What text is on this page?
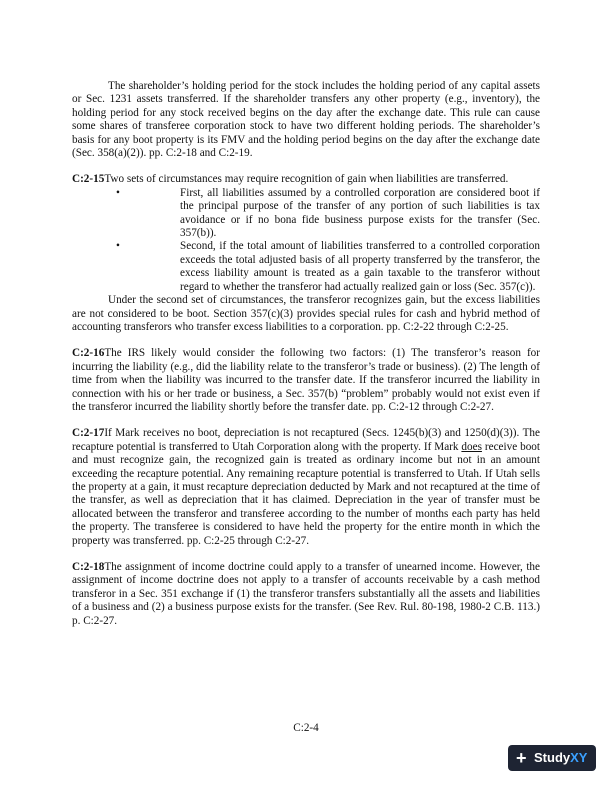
The shareholder’s holding period for the stock includes the holding period of any capital assets or Sec. 1231 assets transferred. If the shareholder transfers any other property (e.g., inventory), the holding period for any stock received begins on the day after the exchange date. This rule can cause some shares of transferee corporation stock to have two different holding periods. The shareholder’s basis for any boot property is its FMV and the holding period begins on the day after the exchange date (Sec. 358(a)(2)). pp. C:2-18 and C:2-19.

C:2-15Two sets of circumstances may require recognition of gain when liabilities are transferred.

•	First, all liabilities assumed by a controlled corporation are considered boot if the principal purpose of the transfer of any portion of such liabilities is tax avoidance or if no bona fide business purpose exists for the transfer (Sec. 357(b)).
•	Second, if the total amount of liabilities transferred to a controlled corporation exceeds the total adjusted basis of all property transferred by the transferor, the excess liability amount is treated as a gain taxable to the transferor without regard to whether the transferor had actually realized gain or loss (Sec. 357(c)).

Under the second set of circumstances, the transferor recognizes gain, but the excess liabilities are not considered to be boot. Section 357(c)(3) provides special rules for cash and hybrid method of accounting transferors who transfer excess liabilities to a corporation. pp. C:2-22 through C:2-25.

C:2-16The IRS likely would consider the following two factors: (1) The transferor’s reason for incurring the liability (e.g., did the liability relate to the transferor’s trade or business). (2) The length of time from when the liability was incurred to the transfer date. If the transferor incurred the liability in connection with his or her trade or business, a Sec. 357(b) “problem” probably would not exist even if the transferor incurred the liability shortly before the transfer date. pp. C:2-12 through C:2-27.

C:2-17If Mark receives no boot, depreciation is not recaptured (Secs. 1245(b)(3) and 1250(d)(3)). The recapture potential is transferred to Utah Corporation along with the property. If Mark does receive boot and must recognize gain, the recognized gain is treated as ordinary income but not in an amount exceeding the recapture potential. Any remaining recapture potential is transferred to Utah. If Utah sells the property at a gain, it must recapture depreciation deducted by Mark and not recaptured at the time of the transfer, as well as depreciation that it has claimed. Depreciation in the year of transfer must be allocated between the transferor and transferee according to the number of months each party has held the property. The transferee is considered to have held the property for the entire month in which the property was transferred. pp. C:2-25 through C:2-27.

C:2-18The assignment of income doctrine could apply to a transfer of unearned income. However, the assignment of income doctrine does not apply to a transfer of accounts receivable by a cash method transferor in a Sec. 351 exchange if (1) the transferor transfers substantially all the assets and liabilities of a business and (2) a business purpose exists for the transfer. (See Rev. Rul. 80-198, 1980-2 C.B. 113.) p. C:2-27.

C:2-4
+ StudyXY
